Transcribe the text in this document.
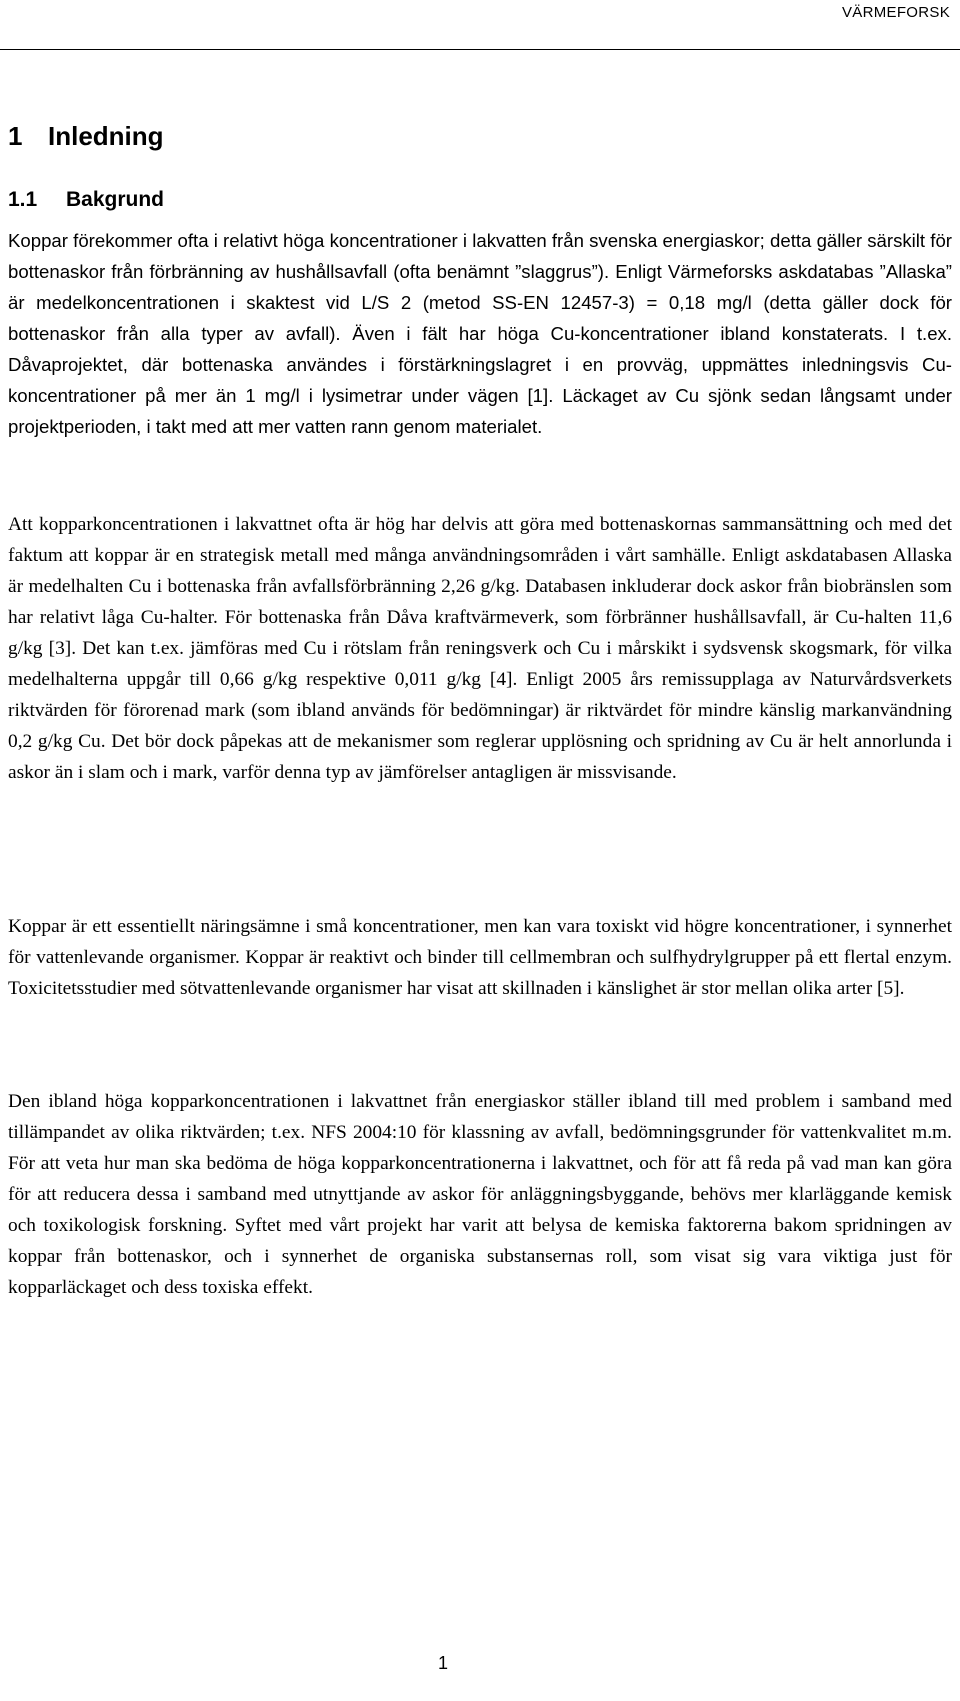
VÄRMEFORSK
1 Inledning
1.1 Bakgrund

Koppar förekommer ofta i relativt höga koncentrationer i lakvatten från svenska energiaskor; detta gäller särskilt för bottenaskor från förbränning av hushållsavfall (ofta benämnt ”slaggrus”). Enligt Värmeforsks askdatabas ”Allaska” är medelkoncentrationen i skaktest vid L/S 2 (metod SS-EN 12457-3) = 0,18 mg/l (detta gäller dock för bottenaskor från alla typer av avfall). Även i fält har höga Cu-koncentrationer ibland konstaterats. I t.ex. Dåvaprojektet, där bottenaska användes i förstärkningslagret i en provväg, uppmättes inledningsvis Cu-koncentrationer på mer än 1 mg/l i lysimetrar under vägen [1]. Läckaget av Cu sjönk sedan långsamt under projektperioden, i takt med att mer vatten rann genom materialet.

Att kopparkoncentrationen i lakvattnet ofta är hög har delvis att göra med bottenaskornas sammansättning och med det faktum att koppar är en strategisk metall med många användningsområden i vårt samhälle. Enligt askdatabasen Allaska är medelhalten Cu i bottenaska från avfallsförbränning 2,26 g/kg. Databasen inkluderar dock askor från biobränslen som har relativt låga Cu-halter. För bottenaska från Dåva kraftvärmeverk, som förbränner hushållsavfall, är Cu-halten 11,6 g/kg [3]. Det kan t.ex. jämföras med Cu i rötslam från reningsverk och Cu i mårskikt i sydsvensk skogsmark, för vilka medelhalterna uppgår till 0,66 g/kg respektive 0,011 g/kg [4]. Enligt 2005 års remissupplaga av Naturvårdsverkets riktvärden för förorenad mark (som ibland används för bedömningar) är riktvärdet för mindre känslig markanvändning 0,2 g/kg Cu. Det bör dock påpekas att de mekanismer som reglerar upplösning och spridning av Cu är helt annorlunda i askor än i slam och i mark, varför denna typ av jämförelser antagligen är missvisande.

Koppar är ett essentiellt näringsämne i små koncentrationer, men kan vara toxiskt vid högre koncentrationer, i synnerhet för vattenlevande organismer. Koppar är reaktivt och binder till cellmembran och sulfhydrylgrupper på ett flertal enzym. Toxicitetsstudier med sötvattenlevande organismer har visat att skillnaden i känslighet är stor mellan olika arter [5].

Den ibland höga kopparkoncentrationen i lakvattnet från energiaskor ställer ibland till med problem i samband med tillämpandet av olika riktvärden; t.ex. NFS 2004:10 för klassning av avfall, bedömningsgrunder för vattenkvalitet m.m. För att veta hur man ska bedöma de höga kopparkoncentrationerna i lakvattnet, och för att få reda på vad man kan göra för att reducera dessa i samband med utnyttjande av askor för anläggningsbyggande, behövs mer klarläggande kemisk och toxikologisk forskning. Syftet med vårt projekt har varit att belysa de kemiska faktorerna bakom spridningen av koppar från bottenaskor, och i synnerhet de organiska substansernas roll, som visat sig vara viktiga just för kopparläckaget och dess toxiska effekt.

1
